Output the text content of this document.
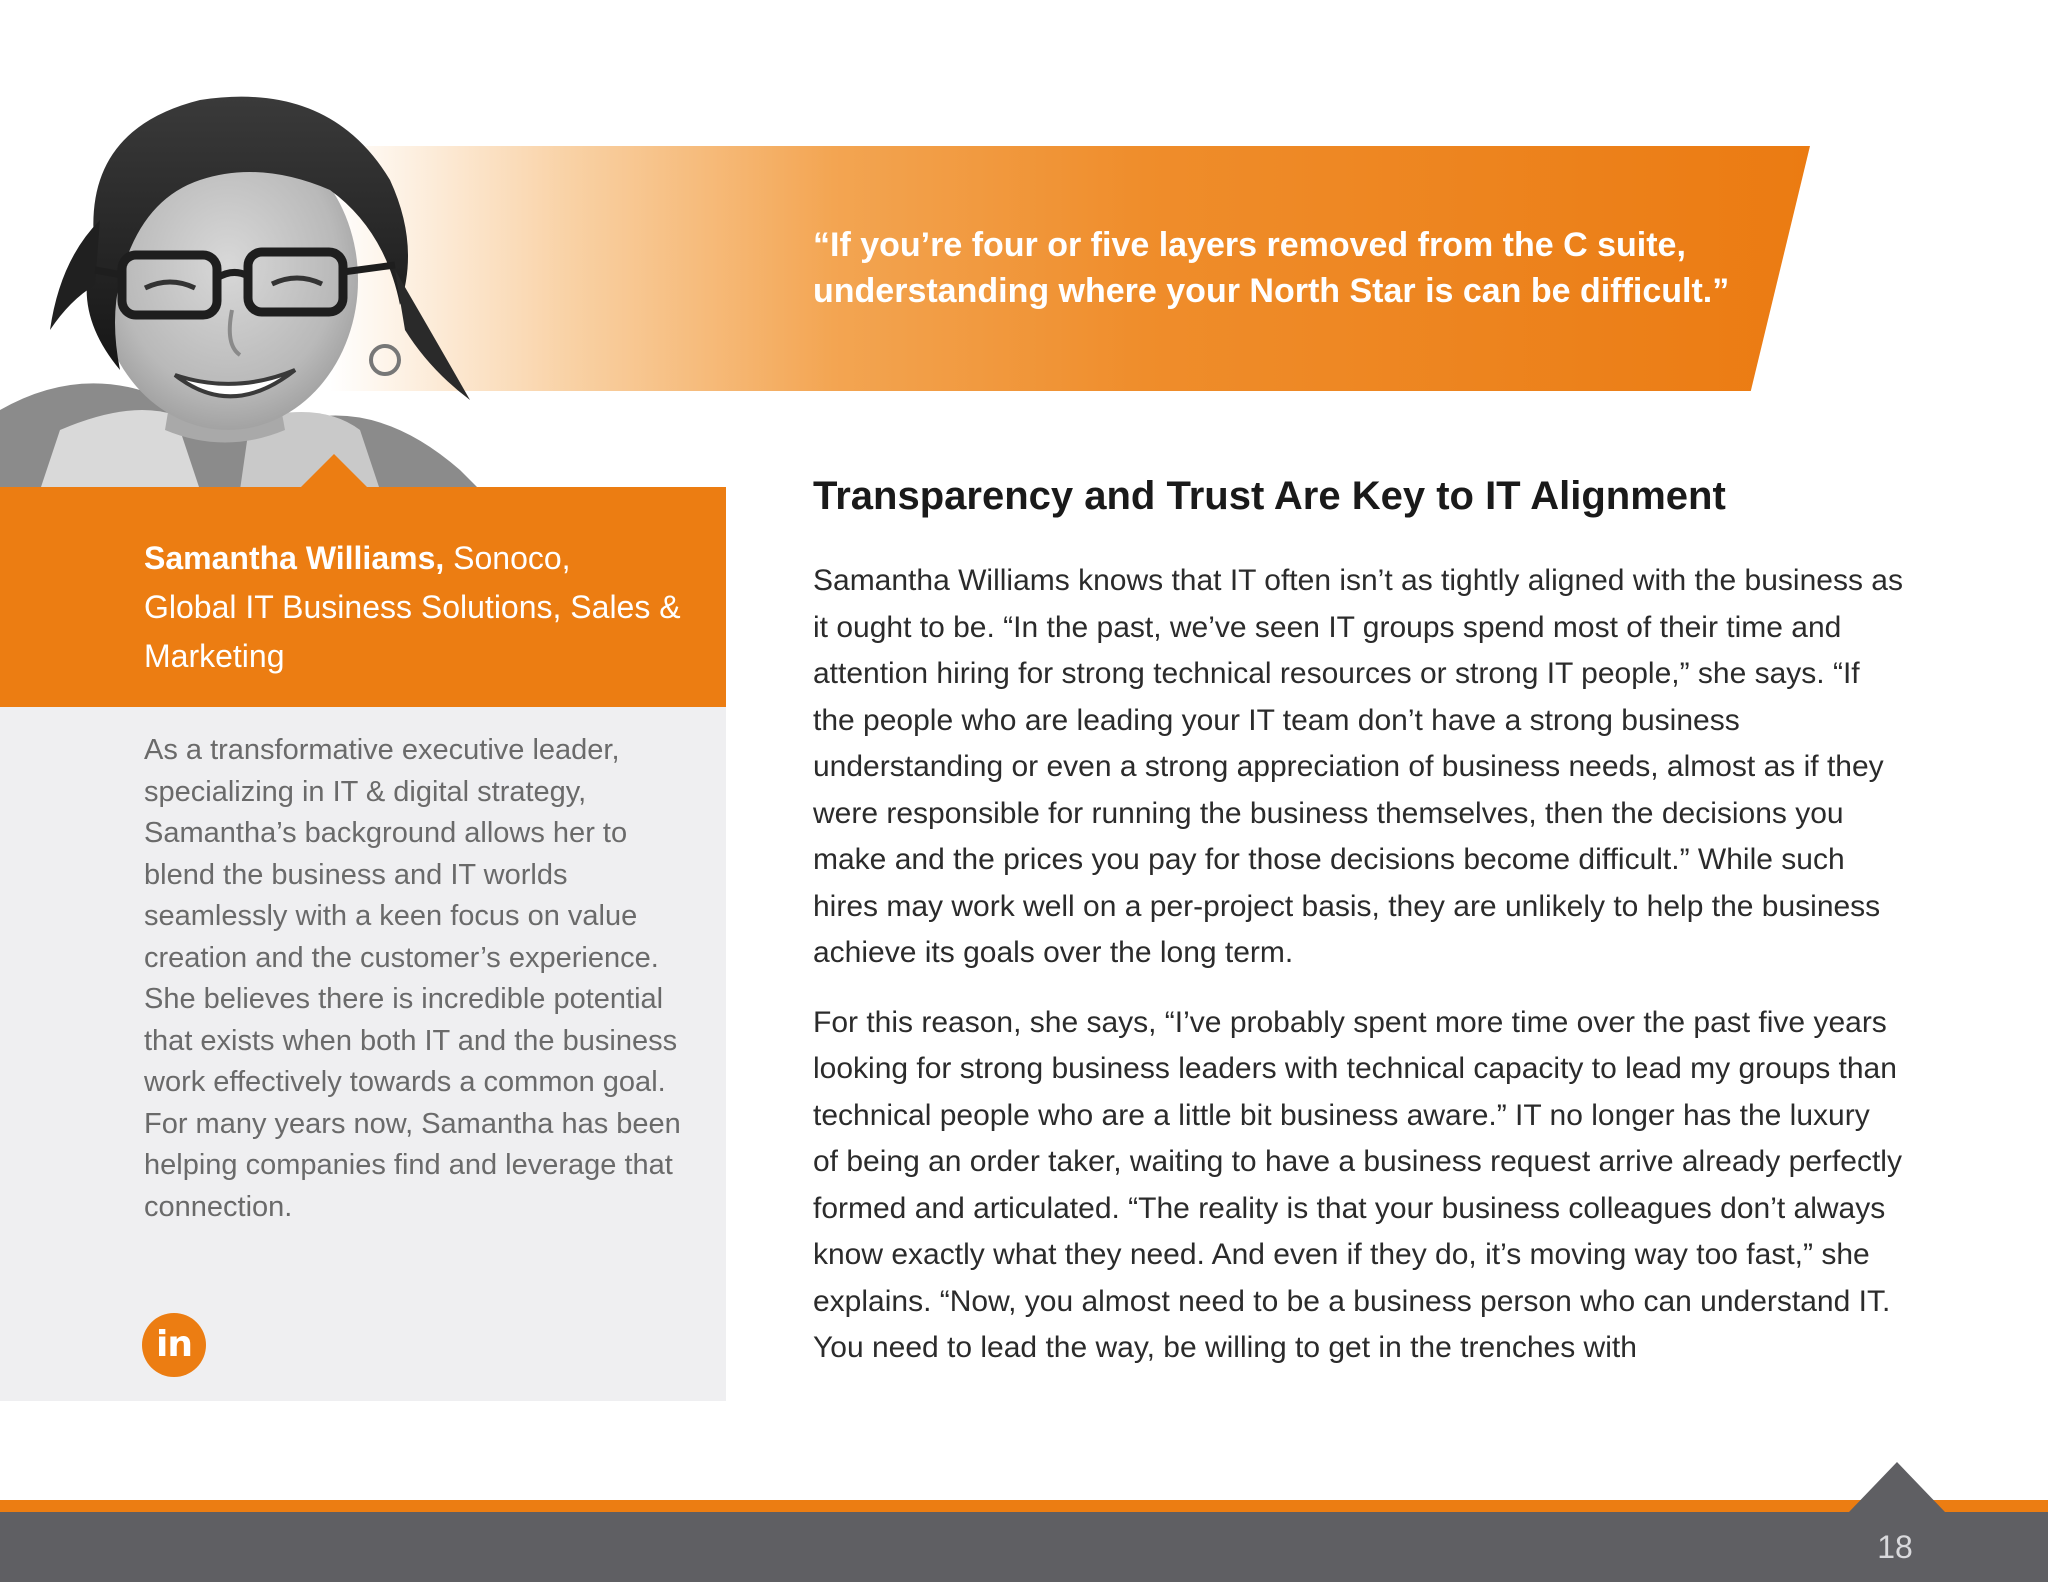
“If you’re four or five layers removed from the C suite,
understanding where your North Star is can be difficult.”

Samantha Williams, Sonoco,
Global IT Business Solutions, Sales & Marketing

As a transformative executive leader, specializing in IT & digital strategy, Samantha’s background allows her to blend the business and IT worlds seamlessly with a keen focus on value creation and the customer’s experience. She believes there is incredible potential that exists when both IT and the business work effectively towards a common goal. For many years now, Samantha has been helping companies find and leverage that connection.

in
Transparency and Trust Are Key to IT Alignment

Samantha Williams knows that IT often isn’t as tightly aligned with the business as it ought to be. “In the past, we’ve seen IT groups spend most of their time and attention hiring for strong technical resources or strong IT people,” she says. “If the people who are leading your IT team don’t have a strong business understanding or even a strong appreciation of business needs, almost as if they were responsible for running the business themselves, then the decisions you make and the prices you pay for those decisions become difficult.” While such hires may work well on a per-project basis, they are unlikely to help the business achieve its goals over the long term.

For this reason, she says, “I’ve probably spent more time over the past five years looking for strong business leaders with technical capacity to lead my groups than technical people who are a little bit business aware.” IT no longer has the luxury of being an order taker, waiting to have a business request arrive already perfectly formed and articulated. “The reality is that your business colleagues don’t always know exactly what they need. And even if they do, it’s moving way too fast,” she explains. “Now, you almost need to be a business person who can understand IT. You need to lead the way, be willing to get in the trenches with

18
